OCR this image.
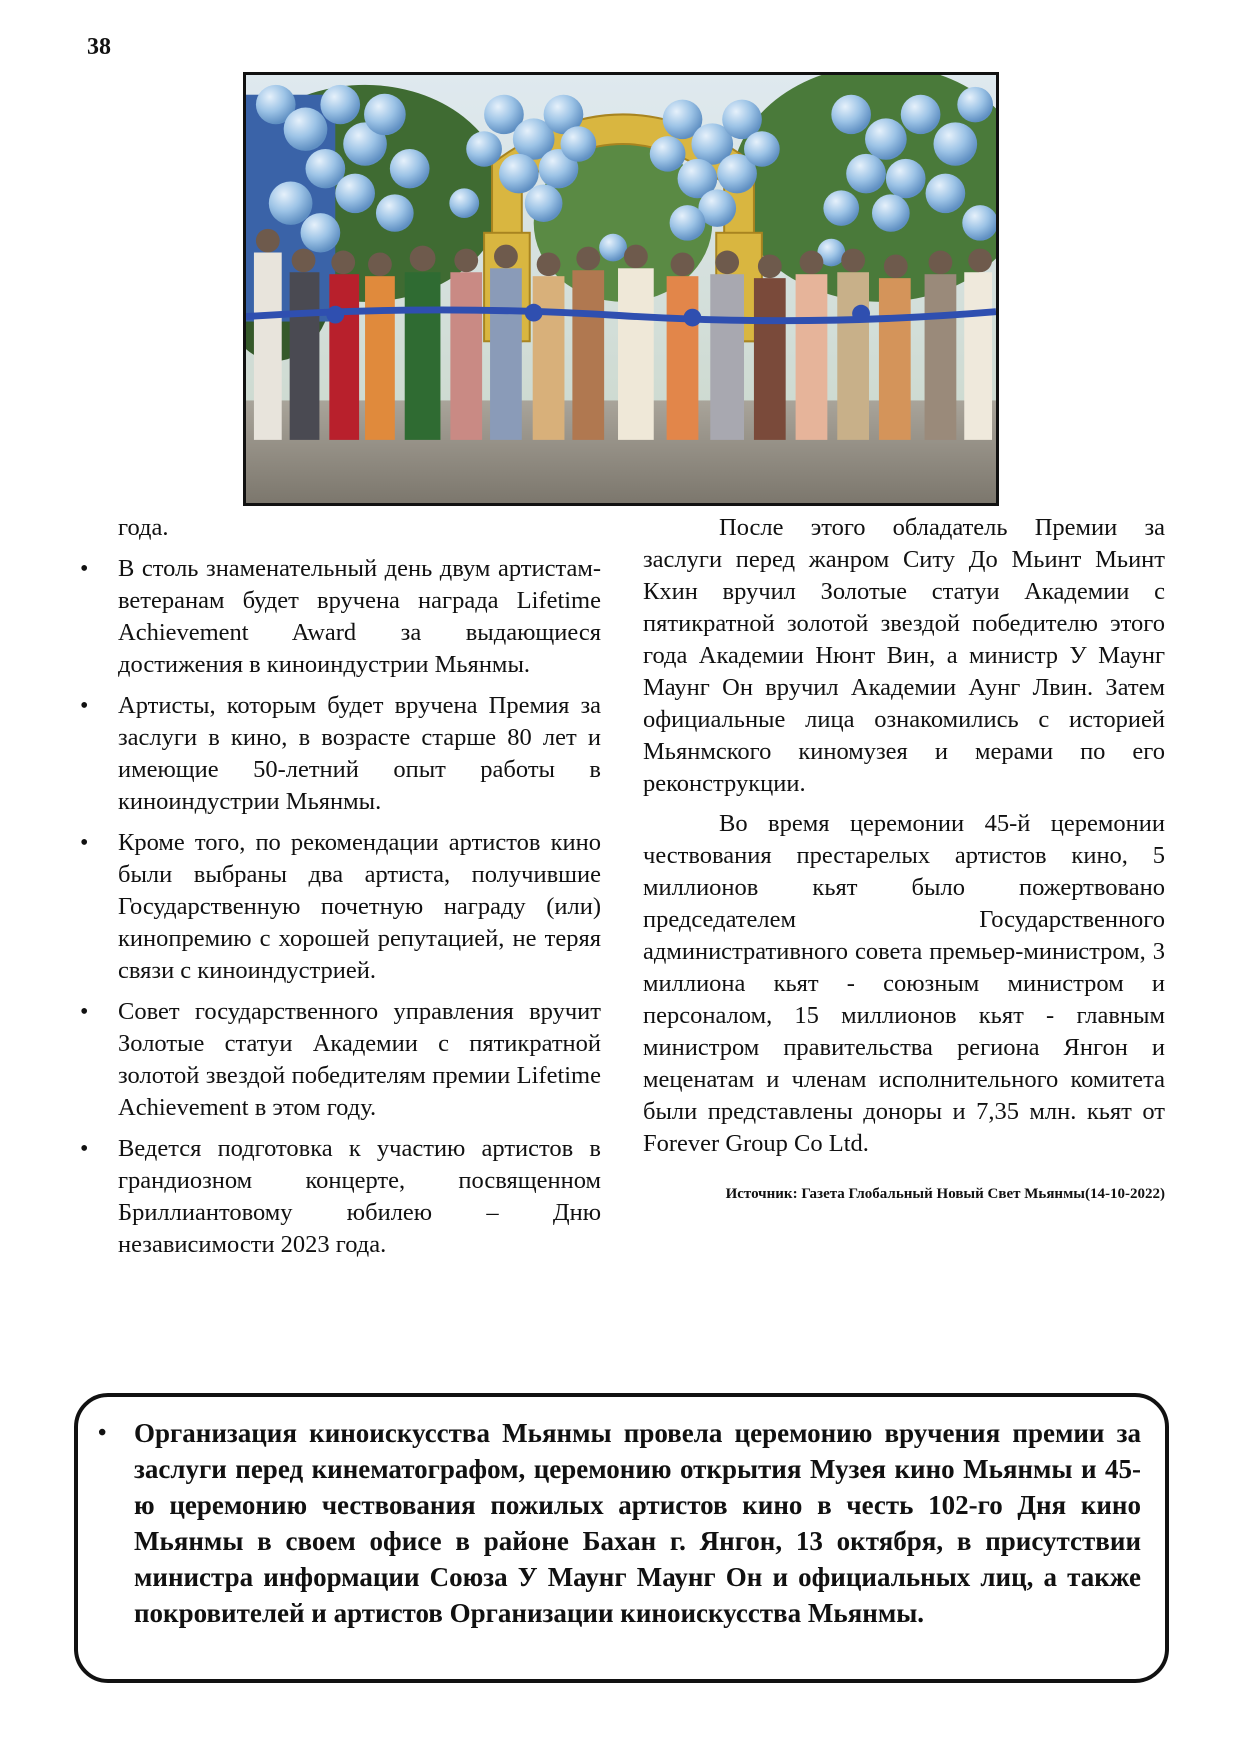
38
года.
• В столь знаменательный день двум артистам-ветеранам будет вручена награда Lifetime Achievement Award за выдающиеся достижения в киноиндустрии Мьянмы.
• Артисты, которым будет вручена Премия за заслуги в кино, в возрасте старше 80 лет и имеющие 50-летний опыт работы в киноиндустрии Мьянмы.
• Кроме того, по рекомендации артистов кино были выбраны два артиста, получившие Государственную почетную награду (или) кинопремию с хорошей репутацией, не теряя связи с киноиндустрией.
• Совет государственного управления вручит Золотые статуи Академии с пятикратной золотой звездой победителям премии Lifetime Achievement в этом году.
• Ведется подготовка к участию артистов в грандиозном концерте, посвященном Бриллиантовому юбилею – Дню независимости 2023 года.

После этого обладатель Премии за заслуги перед жанром Ситу До Мьинт Мьинт Кхин вручил Золотые статуи Академии с пятикратной золотой звездой победителю этого года Академии Нюнт Вин, а министр У Маунг Маунг Он вручил Академии Аунг Лвин. Затем официальные лица ознакомились с историей Мьянмского киномузея и мерами по его реконструкции.

Во время церемонии 45-й церемонии чествования престарелых артистов кино, 5 миллионов кьят было пожертвовано председателем Государственного административного совета премьер-министром, 3 миллиона кьят - союзным министром и персоналом, 15 миллионов кьят - главным министром правительства региона Янгон и меценатам и членам исполнительного комитета были представлены доноры и 7,35 млн. кьят от Forever Group Co Ltd.

Источник: Газета Глобальный Новый Свет Мьянмы(14-10-2022)

• Организация киноискусства Мьянмы провела церемонию вручения премии за заслуги перед кинематографом, церемонию открытия Музея кино Мьянмы и 45-ю церемонию чествования пожилых артистов кино в честь 102-го Дня кино Мьянмы в своем офисе в районе Бахан г. Янгон, 13 октября, в присутствии министра информации Союза У Маунг Маунг Он и официальных лиц, а также покровителей и артистов Организации киноискусства Мьянмы.
